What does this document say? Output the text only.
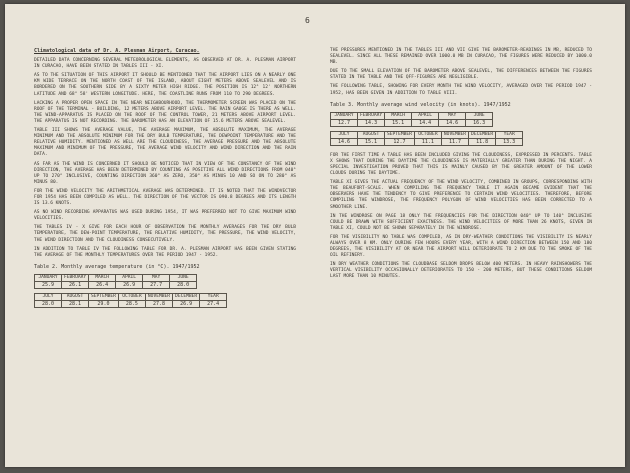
6

Climatological data of Dr. A. Plesman Airport, Curacao.

DETAILED DATA CONCERNING SEVERAL METEOROLOGICAL ELEMENTS, AS OBSERVED AT DR. A. PLESMAN AIRPORT IN CURACAO, HAVE BEEN STATED IN TABLES III - XI.

AS TO THE SITUATION OF THIS AIRPORT IT SHOULD BE MENTIONED THAT THE AIRPORT LIES ON A NEARLY ONE KM WIDE TERRACE ON THE NORTH COAST OF THE ISLAND, ABOUT EIGHT METERS ABOVE SEALEVEL AND IS BORDERED ON THE SOUTHERN SIDE BY A SIXTY METER HIGH RIDGE. THE POSITION IS 12° 12' NORTHERN LATITUDE AND 68° 58' WESTERN LONGITUDE. HERE, THE COASTLINE RUNS FROM 110 TO 290 DEGREES.

LACKING A PROPER OPEN SPACE IN THE NEAR NEIGHBOURHOOD, THE THERMOMETER SCREEN WAS PLACED ON THE ROOF OF THE TERMINAL - BUILDING, 12 METERS ABOVE AIRPORT LEVEL. THE RAIN GAUGE IS THERE AS WELL. THE WIND-APPARATUS IS PLACED ON THE ROOF OF THE CONTROL TOWER, 21 METERS ABOVE AIRPORT LEVEL. THE APPARATUS IS NOT RECORDING. THE BAROMETER HAS AN ELEVATION OF 15.6 METERS ABOVE SEALEVEL.

TABLE III SHOWS THE AVERAGE VALUE, THE AVERAGE MAXIMUM, THE ABSOLUTE MAXIMUM, THE AVERAGE MINIMUM AND THE ABSOLUTE MINIMUM FOR THE DRY BULB TEMPERATURE, THE DEWPOINT TEMPERATURE AND THE RELATIVE HUMIDITY. MENTIONED AS WELL ARE THE CLOUDINESS, THE AVERAGE PRESSURE AND THE ABSOLUTE MAXIMUM AND MINIMUM OF THE PRESSURE, THE AVERAGE WIND VELOCITY AND WIND DIRECTION AND THE RAIN DATA.

AS FAR AS THE WIND IS CONCERNED IT SHOULD BE NOTICED THAT IN VIEW OF THE CONSTANCY OF THE WIND DIRECTION, THE AVERAGE HAS BEEN DETERMINED BY COUNTING AS POSITIVE ALL WIND DIRECTIONS FROM 040° UP TO 270° INCLUSIVE, COUNTING DIRECTION 360° AS ZERO, 350° AS MINUS 10 AND SO ON TO 280° AS MINUS 80.

FOR THE WIND VELOCITY THE ARITHMETICAL AVERAGE WAS DETERMINED. IT IS NOTED THAT THE WINDVECTOR FOR 1954 HAS BEEN COMPILED AS WELL. THE DIRECTION OF THE VECTOR IS 090.8 DEGREES AND ITS LENGTH IS 13.6 KNOTS.

AS NO WIND RECORDING APPARATUS WAS USED DURING 1954, IT WAS PREFERRED NOT TO GIVE MAXIMUM WIND VELOCITIES.

THE TABLES IV - X GIVE FOR EACH HOUR OF OBSERVATION THE MONTHLY AVERAGES FOR THE DRY BULB TEMPERATURE, THE DEW-POINT TEMPERATURE, THE RELATIVE HUMIDITY, THE PRESSURE, THE WIND VELOCITY, THE WIND DIRECTION AND THE CLOUDINESS CONSECUTIVELY.

IN ADDITION TO TABLE IV THE FOLLOWING TABLE FOR DR. A. PLESMAN AIRPORT HAS BEEN GIVEN STATING THE AVERAGE OF THE MONTHLY TEMPERATURES OVER THE PERIOD 1947 - 1952.

Table 2. Monthly average temperature (in °C). 1947/1952

JANUARY	FEBRUARY	MARCH	APRIL	MAY	JUNE
25.9	26.1	26.4	26.9	27.7	28.0
JULY	AUGUST	SEPTEMBER	OCTOBER	NOVEMBER	DECEMBER	YEAR
28.0	28.1	29.0	28.5	27.8	26.9	27.4

THE PRESSURES MENTIONED IN THE TABLES III AND VII GIVE THE BAROMETER-READINGS IN MB, REDUCED TO SEALEVEL. SINCE ALL THESE REMAINED OVER 1000.0 MB IN CURACAO, THE FIGURES WERE REDUCED BY 1000.0 MB.

DUE TO THE SMALL ELEVATION OF THE BAROMETER ABOVE SEALEVEL, THE DIFFERENCES BETWEEN THE FIGURES STATED IN THE TABLE AND THE QFF-FIGURES ARE NEGLIGIBLE.

THE FOLLOWING TABLE, SHOWING FOR EVERY MONTH THE WIND VELOCITY, AVERAGED OVER THE PERIOD 1947 - 1952, HAS BEEN GIVEN IN ADDITION TO TABLE VIII.

Table 3. Monthly average wind velocity (in knots). 1947/1952

JANUARY	FEBRUARY	MARCH	APRIL	MAY	JUNE
12.7	14.3	15.1	14.4	14.6	16.3
JULY	AUGUST	SEPTEMBER	OCTOBER	NOVEMBER	DECEMBER	YEAR
14.6	15.1	12.7	11.1	11.7	11.8	13.3

FOR THE FIRST TIME A TABLE HAS BEEN INCLUDED GIVING THE CLOUDINESS, EXPRESSED IN PERCENTS. TABLE X SHOWS THAT DURING THE DAYTIME THE CLOUDINESS IS MATERIALLY GREATER THAN DURING THE NIGHT. A SPECIAL INVESTIGATION PROVED THAT THIS IS MAINLY CAUSED BY THE GREATER AMOUNT OF THE LOWER CLOUDS DURING THE DAYTIME.

TABLE XI GIVES THE ACTUAL FREQUENCY OF THE WIND VELOCITY, COMBINED IN GROUPS, CORRESPONDING WITH THE BEAUFORT-SCALE. WHEN COMPILING THE FREQUENCY TABLE IT AGAIN BECAME EVIDENT THAT THE OBSERVERS HAVE THE TENDENCY TO GIVE PREFERENCE TO CERTAIN WIND VELOCITIES. THEREFORE, BEFORE COMPILING THE WINDROSE, THE FREQUENCY POLYGON OF WIND VELOCITIES HAS BEEN CORRECTED TO A SMOOTHER LINE.

IN THE WINDROSE ON PAGE 18 ONLY THE FREQUENCIES FOR THE DIRECTION 040° UP TO 140° INCLUSIVE COULD BE DRAWN WITH SUFFICIENT EXACTNESS. THE WIND VELOCITIES OF MORE THAN 26 KNOTS, GIVEN IN TABLE XI, COULD NOT BE SHOWN SEPARATELY IN THE WINDROSE.

FOR THE VISIBILITY NO TABLE WAS COMPILED, AS IN DRY-WEATHER CONDITIONS THE VISIBILITY IS NEARLY ALWAYS OVER 8 KM. ONLY DURING FEW HOURS EVERY YEAR, WITH A WIND DIRECTION BETWEEN 150 AND 180 DEGREES, THE VISIBILITY AT OR NEAR THE AIRPORT WILL DETERIORATE TO 2 KM DUE TO THE SMOKE OF THE OIL REFINERY.

IN DRY WEATHER CONDITIONS THE CLOUDBASE SELDOM DROPS BELOW 400 METERS. IN HEAVY RAINSHOWERS THE VERTICAL VISIBILITY OCCASIONALLY DETERIORATES TO 150 - 200 METERS, BUT THESE CONDITIONS SELDOM LAST MORE THAN 10 MINUTES.
